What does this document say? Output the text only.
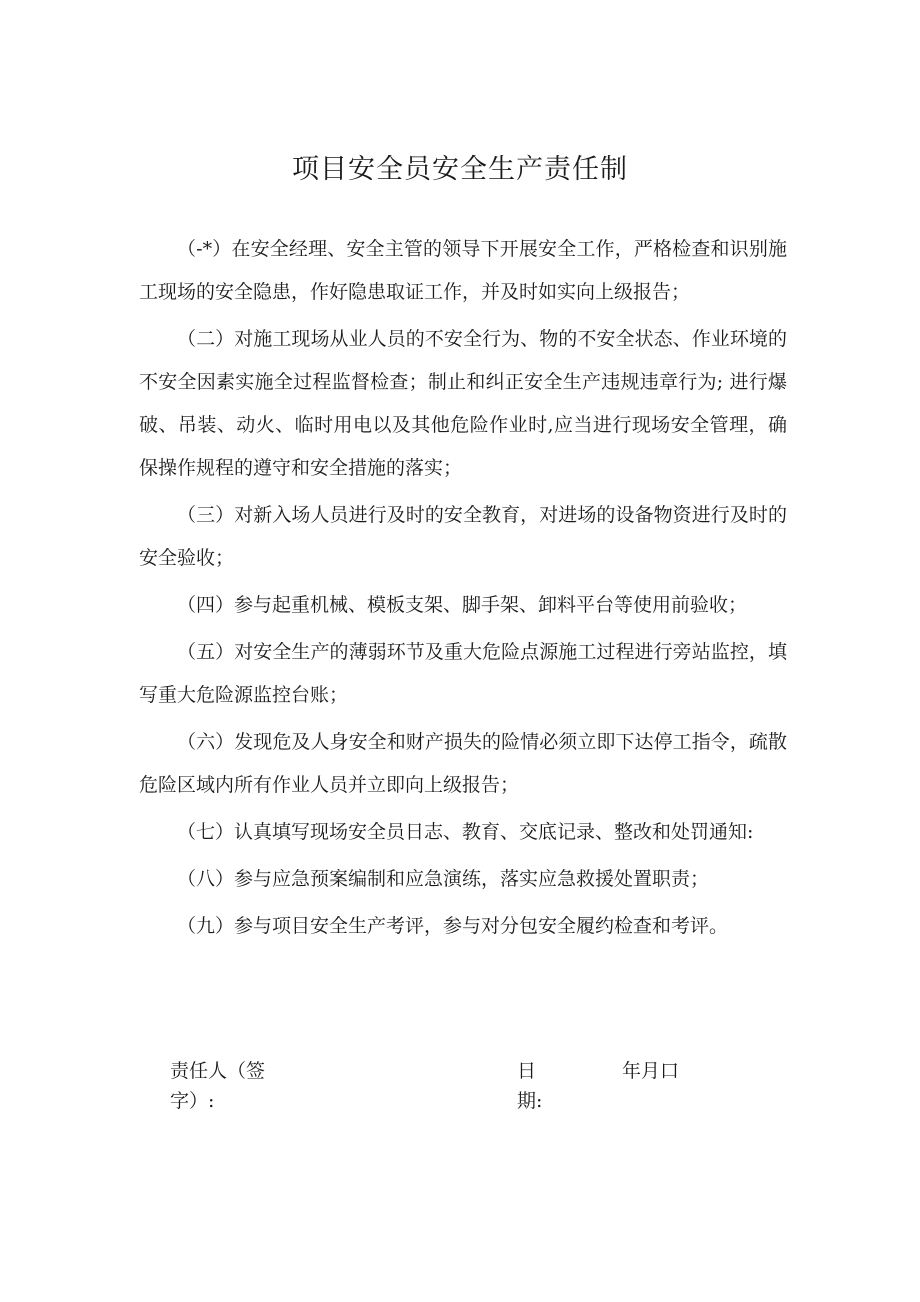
项目安全员安全生产责任制

（-*）在安全经理、安全主管的领导下开展安全工作，严格检查和识别施工现场的安全隐患，作好隐患取证工作，并及时如实向上级报告；

（二）对施工现场从业人员的不安全行为、物的不安全状态、作业环境的不安全因素实施全过程监督检查；制止和纠正安全生产违规违章行为; 进行爆破、吊装、动火、临时用电以及其他危险作业时,应当进行现场安全管理，确保操作规程的遵守和安全措施的落实；

（三）对新入场人员进行及时的安全教育，对进场的设备物资进行及时的安全验收；

（四）参与起重机械、模板支架、脚手架、卸料平台等使用前验收；

（五）对安全生产的薄弱环节及重大危险点源施工过程进行旁站监控，填写重大危险源监控台账；

（六）发现危及人身安全和财产损失的险情必须立即下达停工指令，疏散危险区域内所有作业人员并立即向上级报告；

（七）认真填写现场安全员日志、教育、交底记录、整改和处罚通知:

（八）参与应急预案编制和应急演练，落实应急救援处置职责；

（九）参与项目安全生产考评，参与对分包安全履约检查和考评。

责任人（签字）:
日期:
年月口
